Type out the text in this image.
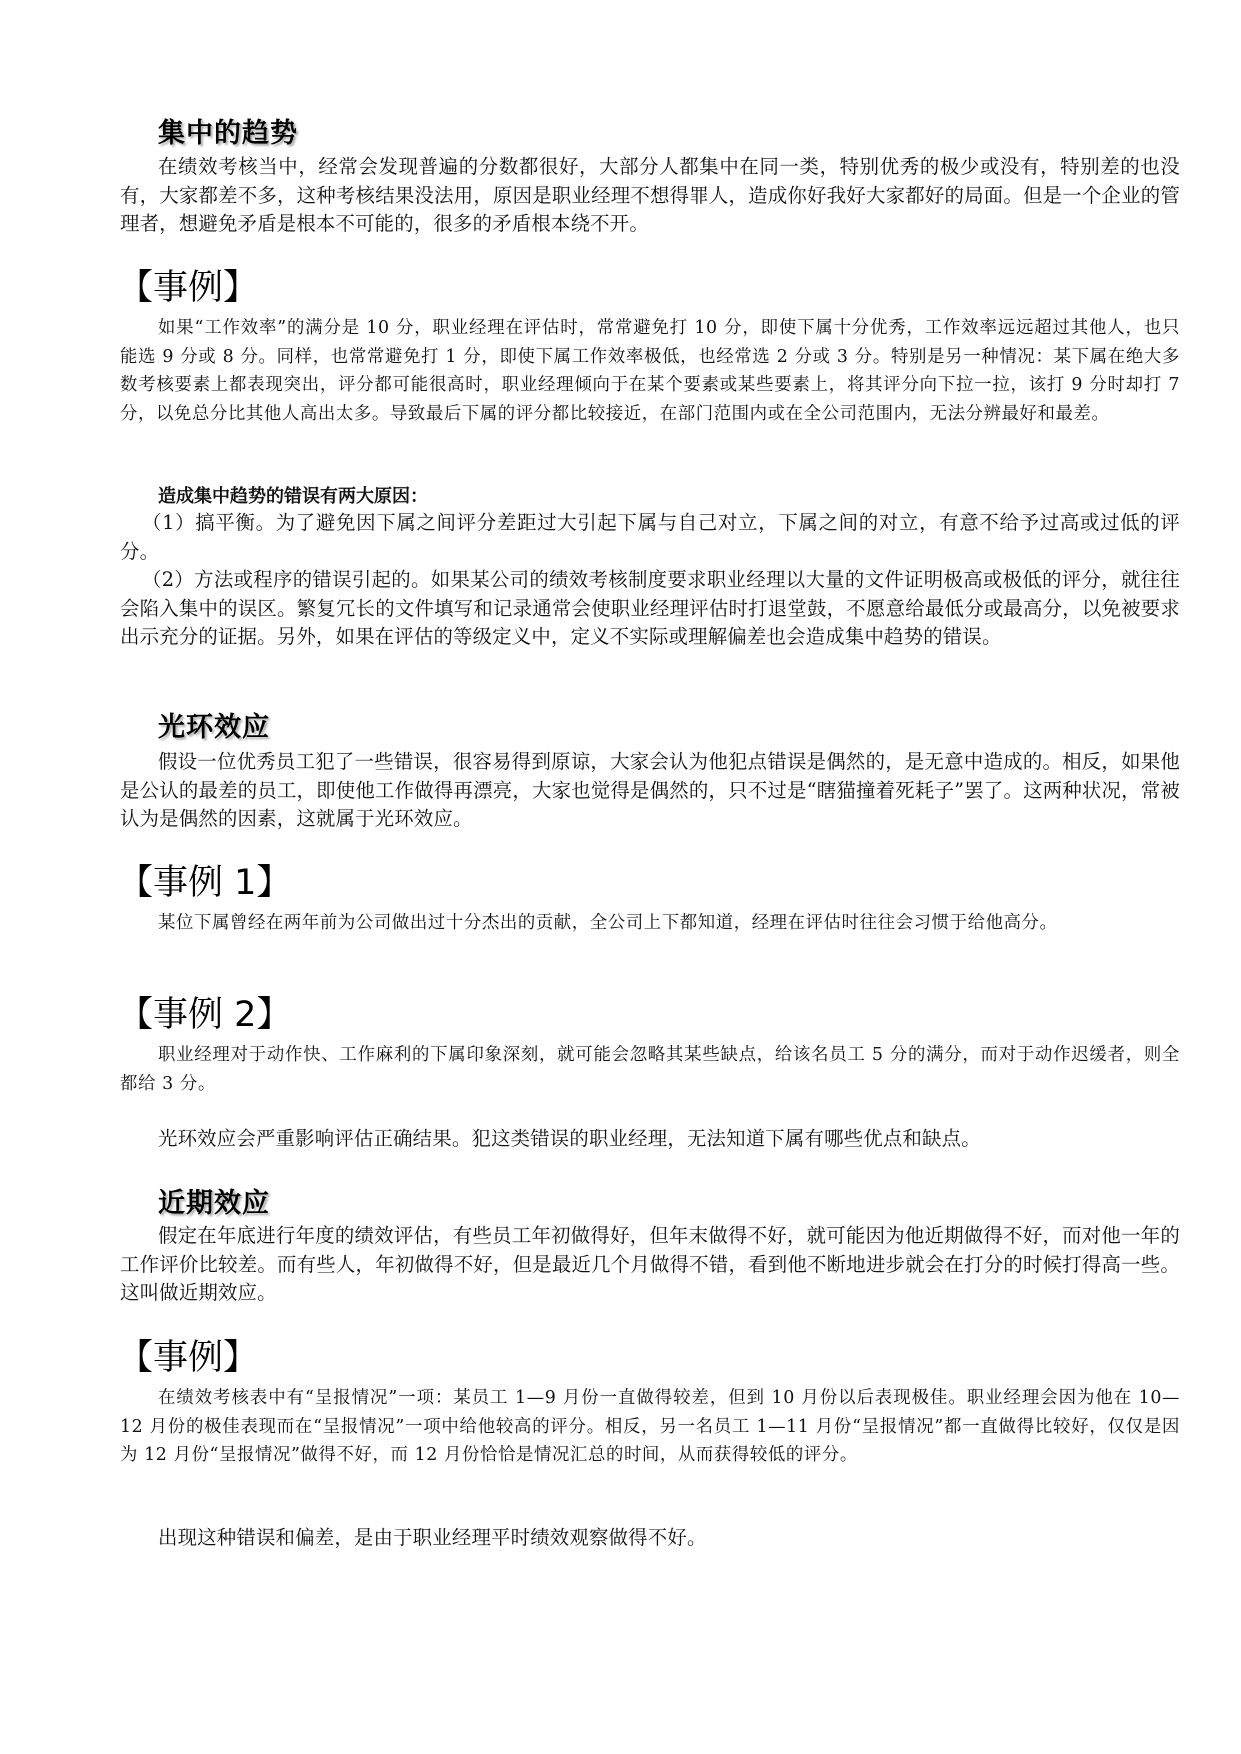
集中的趋势

在绩效考核当中，经常会发现普遍的分数都很好，大部分人都集中在同一类，特别优秀的极少或没有，特别差的也没有，大家都差不多，这种考核结果没法用，原因是职业经理不想得罪人，造成你好我好大家都好的局面。但是一个企业的管理者，想避免矛盾是根本不可能的，很多的矛盾根本绕不开。

【事例】

如果“工作效率”的满分是 10 分，职业经理在评估时，常常避免打 10 分，即使下属十分优秀，工作效率远远超过其他人，也只能选 9 分或 8 分。同样，也常常避免打 1 分，即使下属工作效率极低，也经常选 2 分或 3 分。特别是另一种情况：某下属在绝大多数考核要素上都表现突出，评分都可能很高时，职业经理倾向于在某个要素或某些要素上，将其评分向下拉一拉，该打 9 分时却打 7 分，以免总分比其他人高出太多。导致最后下属的评分都比较接近，在部门范围内或在全公司范围内，无法分辨最好和最差。

造成集中趋势的错误有两大原因：

（1）搞平衡。为了避免因下属之间评分差距过大引起下属与自己对立，下属之间的对立，有意不给予过高或过低的评分。

（2）方法或程序的错误引起的。如果某公司的绩效考核制度要求职业经理以大量的文件证明极高或极低的评分，就往往会陷入集中的误区。繁复冗长的文件填写和记录通常会使职业经理评估时打退堂鼓，不愿意给最低分或最高分，以免被要求出示充分的证据。另外，如果在评估的等级定义中，定义不实际或理解偏差也会造成集中趋势的错误。

光环效应

假设一位优秀员工犯了一些错误，很容易得到原谅，大家会认为他犯点错误是偶然的，是无意中造成的。相反，如果他是公认的最差的员工，即使他工作做得再漂亮，大家也觉得是偶然的，只不过是“瞎猫撞着死耗子”罢了。这两种状况，常被认为是偶然的因素，这就属于光环效应。

【事例 1】

某位下属曾经在两年前为公司做出过十分杰出的贡献，全公司上下都知道，经理在评估时往往会习惯于给他高分。

【事例 2】

职业经理对于动作快、工作麻利的下属印象深刻，就可能会忽略其某些缺点，给该名员工 5 分的满分，而对于动作迟缓者，则全都给 3 分。

光环效应会严重影响评估正确结果。犯这类错误的职业经理，无法知道下属有哪些优点和缺点。

近期效应

假定在年底进行年度的绩效评估，有些员工年初做得好，但年末做得不好，就可能因为他近期做得不好，而对他一年的工作评价比较差。而有些人，年初做得不好，但是最近几个月做得不错，看到他不断地进步就会在打分的时候打得高一些。这叫做近期效应。

【事例】

在绩效考核表中有“呈报情况”一项：某员工 1—9 月份一直做得较差，但到 10 月份以后表现极佳。职业经理会因为他在 10—12 月份的极佳表现而在“呈报情况”一项中给他较高的评分。相反，另一名员工 1—11 月份“呈报情况”都一直做得比较好，仅仅是因为 12 月份“呈报情况”做得不好，而 12 月份恰恰是情况汇总的时间，从而获得较低的评分。

出现这种错误和偏差，是由于职业经理平时绩效观察做得不好。
